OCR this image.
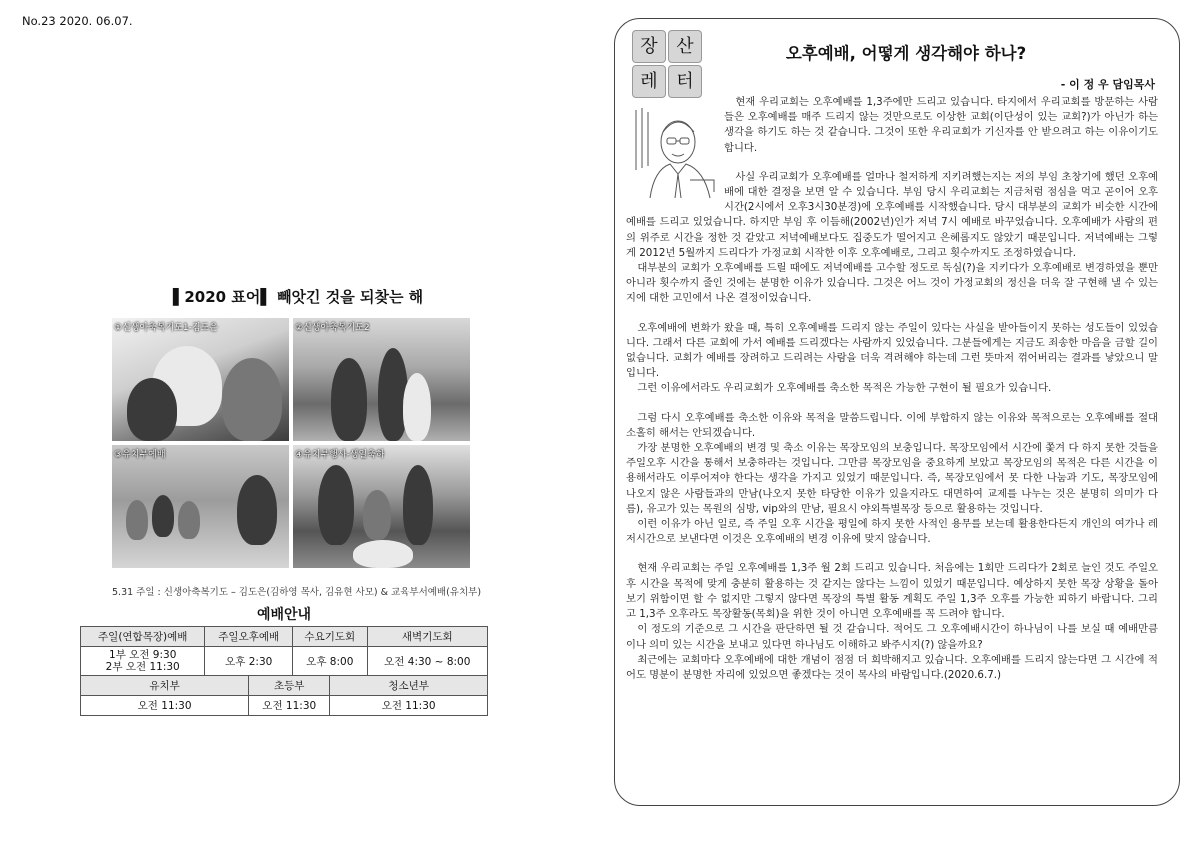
No.23 2020. 06.07.
▌2020 표어▌ 빼앗긴 것을 되찾는 해
①신생아축복기도1-김도은	②신생아축복기도2
③유치부예배	④유치부행사-생일축하
5.31 주일 : 신생아축복기도 – 김도은(김하영 목사, 김유현 사모) & 교육부서예배(유치부)
예배안내
주일(연합목장)예배	주일오후예배		수요기도회		새벽기도회

1부 오전 9:30
2부 오전 11:30	오후 2:30		오후 8:00		오전 4:30 ~ 8:00
유치부		초등부		청소년부	
오전 11:30		오전 11:30		오전 11:30	
장	산
레	터
오후예배, 어떻게 생각해야 하나?
- 이 정 우 담임목사

현재 우리교회는 오후예배를 1,3주에만 드리고 있습니다. 타지에서 우리교회를 방문하는 사람들은 오후예배를 매주 드리지 않는 것만으로도 이상한 교회(이단성이 있는 교회?)가 아닌가 하는 생각을 하기도 하는 것 같습니다. 그것이 또한 우리교회가 기신자를 안 받으려고 하는 이유이기도 합니다.

사실 우리교회가 오후예배를 얼마나 철저하게 지키려했는지는 저의 부임 초창기에 했던 오후예배에 대한 결정을 보면 알 수 있습니다. 부임 당시 우리교회는 지금처럼 점심을 먹고 곧이어 오후시간(2시에서 오후3시30분경)에 오후예배를 시작했습니다. 당시 대부분의 교회가 비슷한 시간에 예배를 드리고 있었습니다. 하지만 부임 후 이듬해(2002년)인가 저녁 7시 예배로 바꾸었습니다. 오후예배가 사람의 편의 위주로 시간을 정한 것 같았고 저녁예배보다도 집중도가 떨어지고 은혜롭지도 않았기 때문입니다. 저녁예배는 그렇게 2012년 5월까지 드리다가 가정교회 시작한 이후 오후예배로, 그리고 횟수까지도 조정하였습니다.

대부분의 교회가 오후예배를 드릴 때에도 저녁예배를 고수할 정도로 독심(?)을 지키다가 오후예배로 변경하였을 뿐만 아니라 횟수까지 줄인 것에는 분명한 이유가 있습니다. 그것은 어느 것이 가정교회의 정신을 더욱 잘 구현해 낼 수 있는지에 대한 고민에서 나온 결정이었습니다.

오후예배에 변화가 왔을 때, 특히 오후예배를 드리지 않는 주일이 있다는 사실을 받아들이지 못하는 성도들이 있었습니다. 그래서 다른 교회에 가서 예배를 드리겠다는 사람까지 있었습니다. 그분들에게는 지금도 죄송한 마음을 금할 길이 없습니다. 교회가 예배를 장려하고 드리려는 사람을 더욱 격려해야 하는데 그런 뜻마저 꺾어버리는 결과를 낳았으니 말입니다.

그런 이유에서라도 우리교회가 오후예배를 축소한 목적은 가능한 구현이 될 필요가 있습니다.

그럼 다시 오후예배를 축소한 이유와 목적을 말씀드립니다. 이에 부합하지 않는 이유와 목적으로는 오후예배를 절대 소홀히 해서는 안되겠습니다.

가장 분명한 오후예배의 변경 및 축소 이유는 목장모임의 보충입니다. 목장모임에서 시간에 쫓겨 다 하지 못한 것들을 주일오후 시간을 통해서 보충하라는 것입니다. 그만큼 목장모임을 중요하게 보았고 목장모임의 목적은 다른 시간을 이용해서라도 이루어져야 한다는 생각을 가지고 있었기 때문입니다. 즉, 목장모임에서 못 다한 나눔과 기도, 목장모임에 나오지 않은 사람들과의 만남(나오지 못한 타당한 이유가 있을지라도 대면하여 교제를 나누는 것은 분명히 의미가 다름), 유고가 있는 목원의 심방, vip와의 만남, 필요시 야외특별목장 등으로 활용하는 것입니다.

이런 이유가 아닌 일로, 즉 주일 오후 시간을 평일에 하지 못한 사적인 용무를 보는데 활용한다든지 개인의 여가나 레저시간으로 보낸다면 이것은 오후예배의 변경 이유에 맞지 않습니다.

현재 우리교회는 주일 오후예배를 1,3주 월 2회 드리고 있습니다. 처음에는 1회만 드리다가 2회로 늘인 것도 주일오후 시간을 목적에 맞게 충분히 활용하는 것 같지는 않다는 느낌이 있었기 때문입니다. 예상하지 못한 목장 상황을 돌아보기 위함이면 할 수 없지만 그렇지 않다면 목장의 특별 활동 계획도 주일 1,3주 오후를 가능한 피하기 바랍니다. 그리고 1,3주 오후라도 목장활동(목회)을 위한 것이 아니면 오후예배를 꼭 드려야 합니다.

이 정도의 기준으로 그 시간을 판단하면 될 것 같습니다. 적어도 그 오후예배시간이 하나님이 나를 보실 때 예배만큼이나 의미 있는 시간을 보내고 있다면 하나님도 이해하고 봐주시지(?) 않을까요?

최근에는 교회마다 오후예배에 대한 개념이 점점 더 희박해지고 있습니다. 오후예배를 드리지 않는다면 그 시간에 적어도 명분이 분명한 자리에 있었으면 좋겠다는 것이 목사의 바람입니다.(2020.6.7.)
